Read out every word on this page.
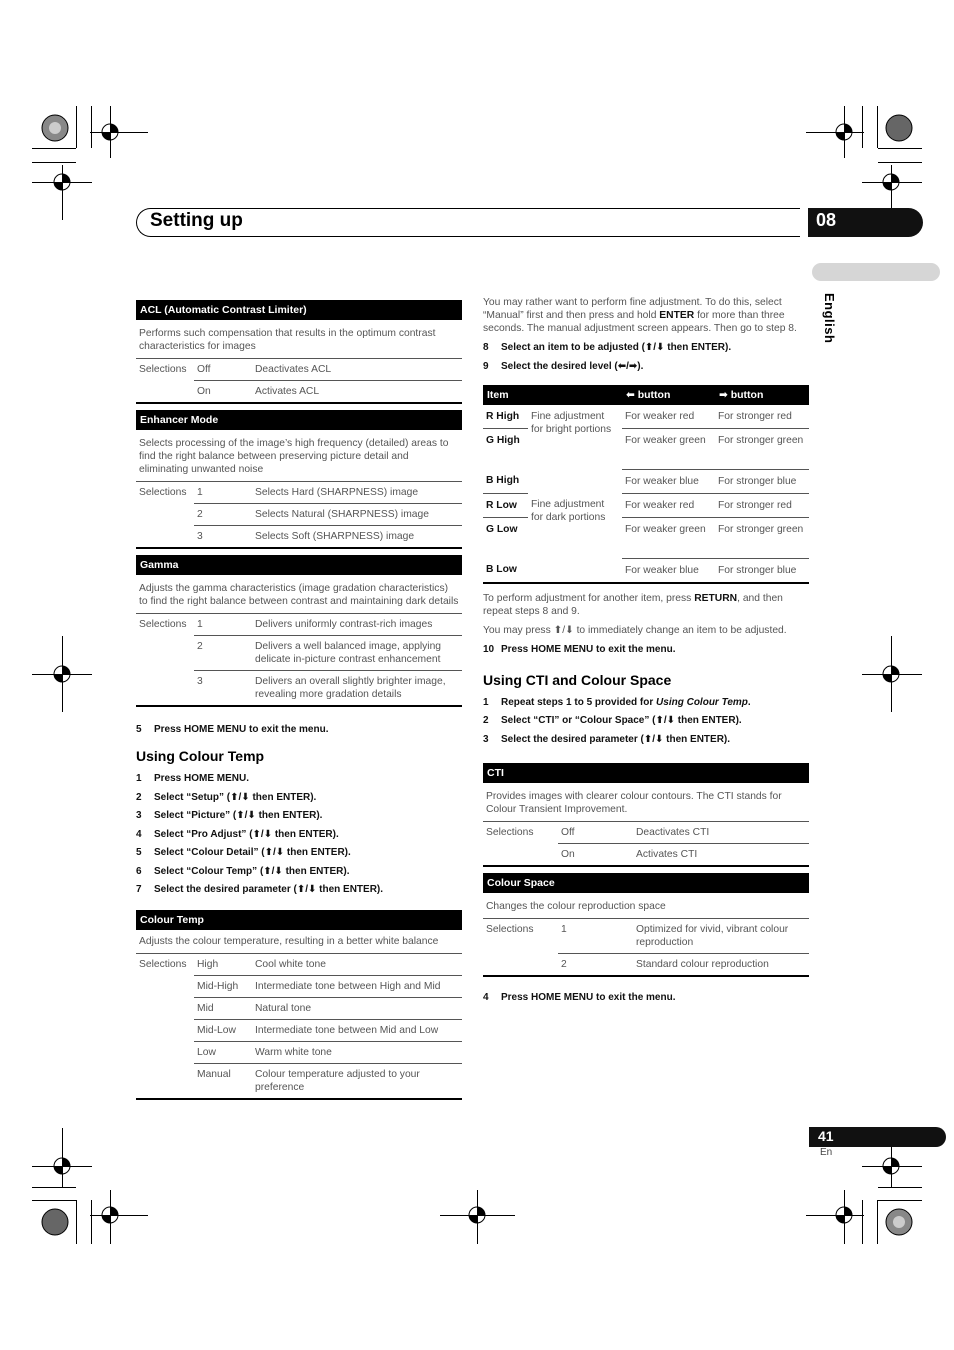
Setting up	08
English
ACL (Automatic Contrast Limiter)
Performs such compensation that results in the optimum contrast characteristics for images
Selections	Off	Deactivates ACL
On	Activates ACL
Enhancer Mode
Selects processing of the image’s high frequency (detailed) areas to find the right balance between preserving picture detail and eliminating unwanted noise
Selections	1	Selects Hard (SHARPNESS) image
2	Selects Natural (SHARPNESS) image
3	Selects Soft (SHARPNESS) image
Gamma
Adjusts the gamma characteristics (image gradation characteristics) to find the right balance between contrast and maintaining dark details
Selections	1	Delivers uniformly contrast-rich images
2	Delivers a well balanced image, applying delicate in-picture contrast enhancement
3	Delivers an overall slightly brighter image, revealing more gradation details
5	Press HOME MENU to exit the menu.
Using Colour Temp
1	Press HOME MENU.
2	Select “Setup” (⬆/⬇ then ENTER).
3	Select “Picture” (⬆/⬇ then ENTER).
4	Select “Pro Adjust” (⬆/⬇ then ENTER).
5	Select “Colour Detail” (⬆/⬇ then ENTER).
6	Select “Colour Temp” (⬆/⬇ then ENTER).
7	Select the desired parameter (⬆/⬇ then ENTER).
Colour Temp
Adjusts the colour temperature, resulting in a better white balance
Selections	High	Cool white tone
Mid-High	Intermediate tone between High and Mid
Mid	Natural tone
Mid-Low	Intermediate tone between Mid and Low
Low	Warm white tone
Manual	Colour temperature adjusted to your preference
You may rather want to perform fine adjustment. To do this, select “Manual” first and then press and hold ENTER for more than three seconds. The manual adjustment screen appears. Then go to step 8.
8	Select an item to be adjusted (⬆/⬇ then ENTER).
9	Select the desired level (⬅/➡).
Item		⬅ button	➡ button
R High	Fine adjustment for bright portions	For weaker red	For stronger red
G High		For weaker green	For stronger green
B High		For weaker blue	For stronger blue
R Low	Fine adjustment for dark portions	For weaker red	For stronger red
G Low		For weaker green	For stronger green
B Low		For weaker blue	For stronger blue
To perform adjustment for another item, press RETURN, and then repeat steps 8 and 9.
You may press ⬆/⬇ to immediately change an item to be adjusted.
10 Press HOME MENU to exit the menu.
Using CTI and Colour Space
1	Repeat steps 1 to 5 provided for Using Colour Temp.
2	Select “CTI” or “Colour Space” (⬆/⬇ then ENTER).
3	Select the desired parameter (⬆/⬇ then ENTER).
CTI
Provides images with clearer colour contours. The CTI stands for Colour Transient Improvement.
Selections	Off	Deactivates CTI
On	Activates CTI
Colour Space
Changes the colour reproduction space
Selections	1	Optimized for vivid, vibrant colour reproduction
2	Standard colour reproduction
4	Press HOME MENU to exit the menu.
41
En
